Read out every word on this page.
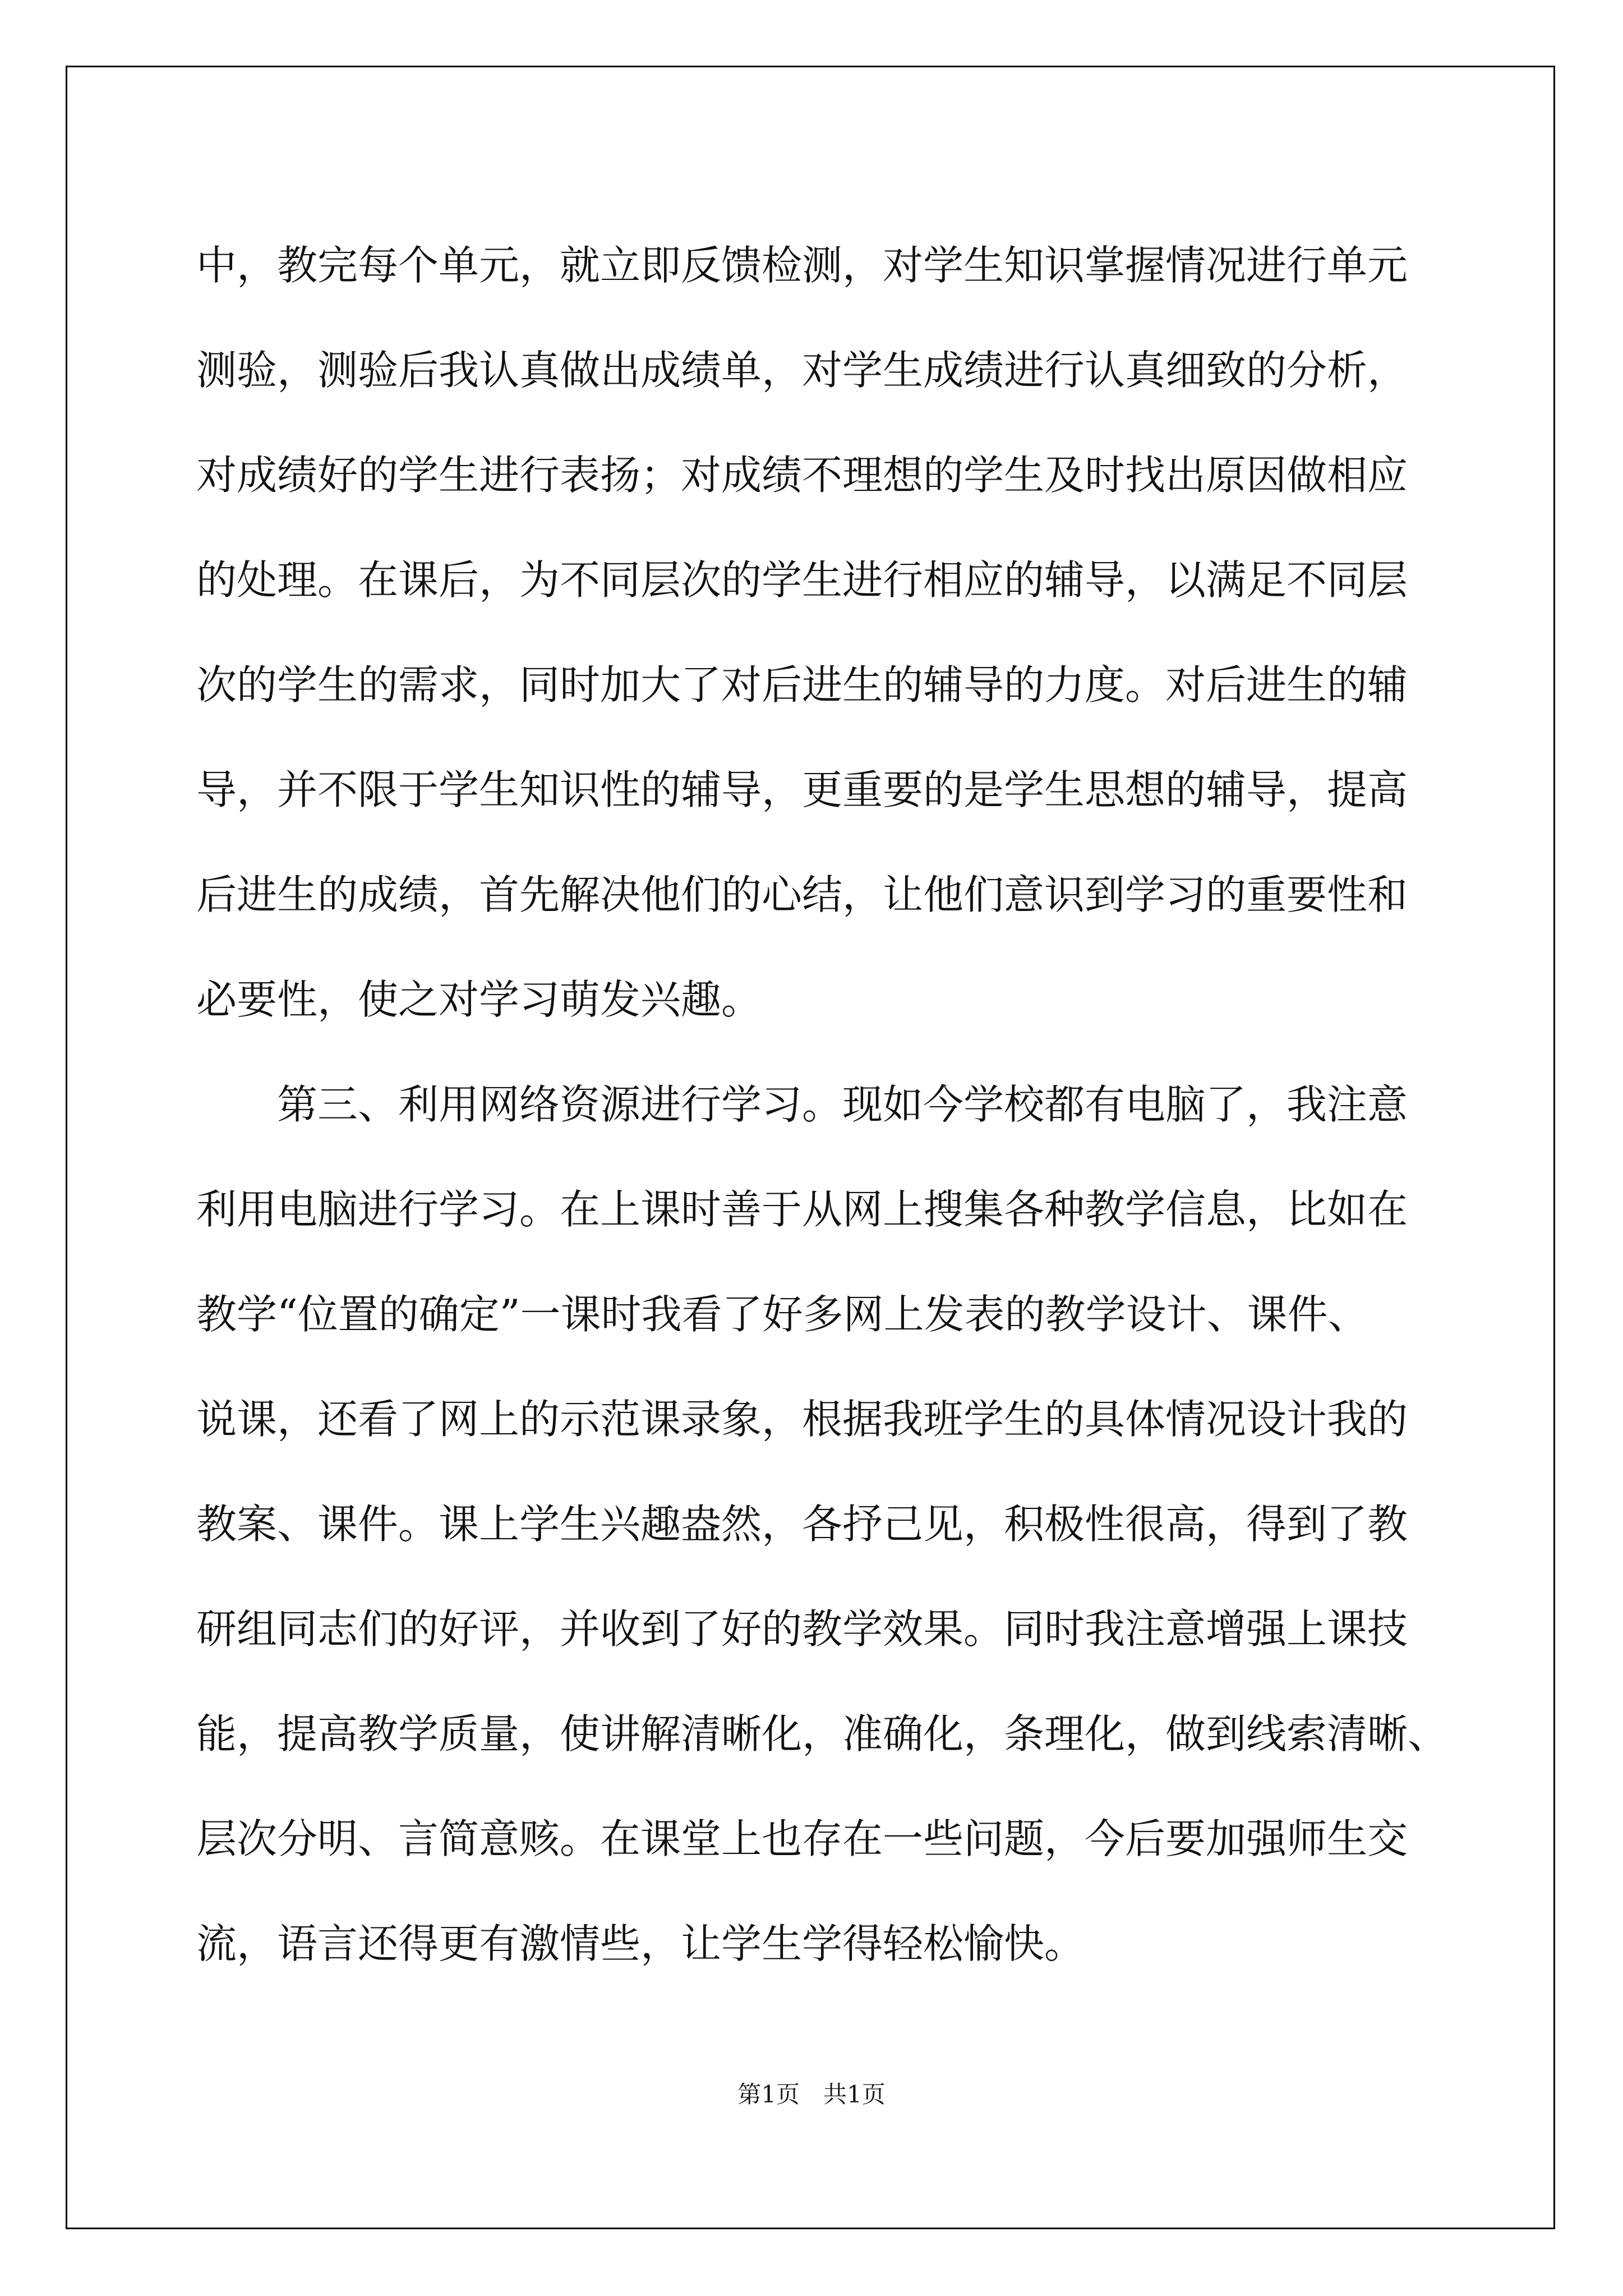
中，教完每个单元，就立即反馈检测，对学生知识掌握情况进行单元
测验，测验后我认真做出成绩单，对学生成绩进行认真细致的分析，
对成绩好的学生进行表扬；对成绩不理想的学生及时找出原因做相应
的处理。在课后，为不同层次的学生进行相应的辅导，以满足不同层
次的学生的需求，同时加大了对后进生的辅导的力度。对后进生的辅
导，并不限于学生知识性的辅导，更重要的是学生思想的辅导，提高
后进生的成绩，首先解决他们的心结，让他们意识到学习的重要性和
必要性，使之对学习萌发兴趣。
　　第三、利用网络资源进行学习。现如今学校都有电脑了，我注意
利用电脑进行学习。在上课时善于从网上搜集各种教学信息，比如在
教学“位置的确定”一课时我看了好多网上发表的教学设计、课件、
说课，还看了网上的示范课录象，根据我班学生的具体情况设计我的
教案、课件。课上学生兴趣盎然，各抒己见，积极性很高，得到了教
研组同志们的好评，并收到了好的教学效果。同时我注意增强上课技
能，提高教学质量，使讲解清晰化，准确化，条理化，做到线索清晰、
层次分明、言简意赅。在课堂上也存在一些问题，今后要加强师生交
流，语言还得更有激情些，让学生学得轻松愉快。
第1页　共1页
